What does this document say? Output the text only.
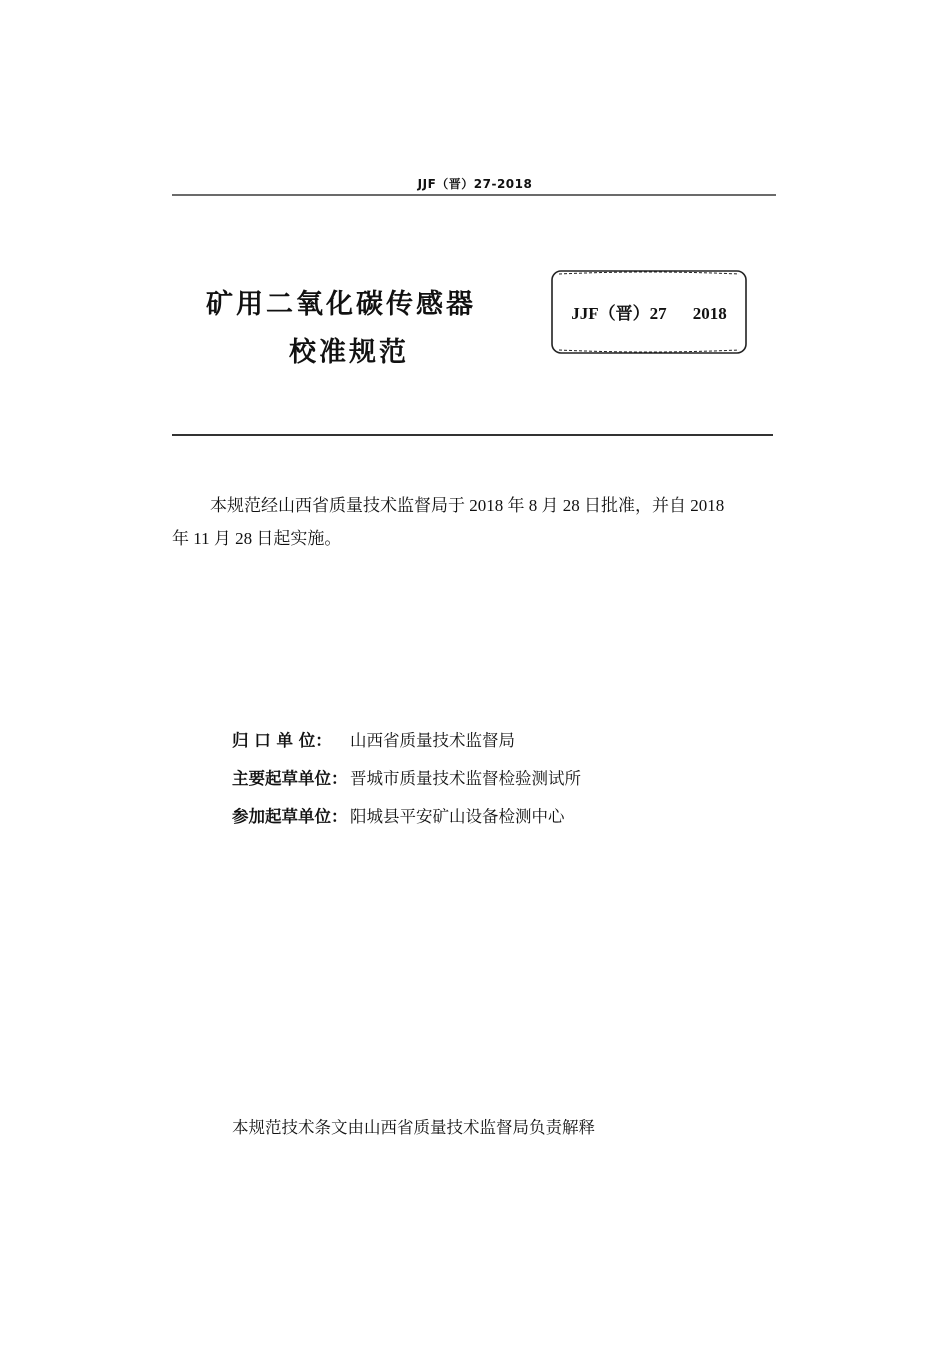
JJF（晋）27-2018
矿用二氧化碳传感器
校准规范
JJF（晋）27 2018
本规范经山西省质量技术监督局于 2018 年 8 月 28 日批准，并自 2018
年 11 月 28 日起实施。
归 口 单 位： 山西省质量技术监督局
主要起草单位： 晋城市质量技术监督检验测试所
参加起草单位： 阳城县平安矿山设备检测中心
本规范技术条文由山西省质量技术监督局负责解释
